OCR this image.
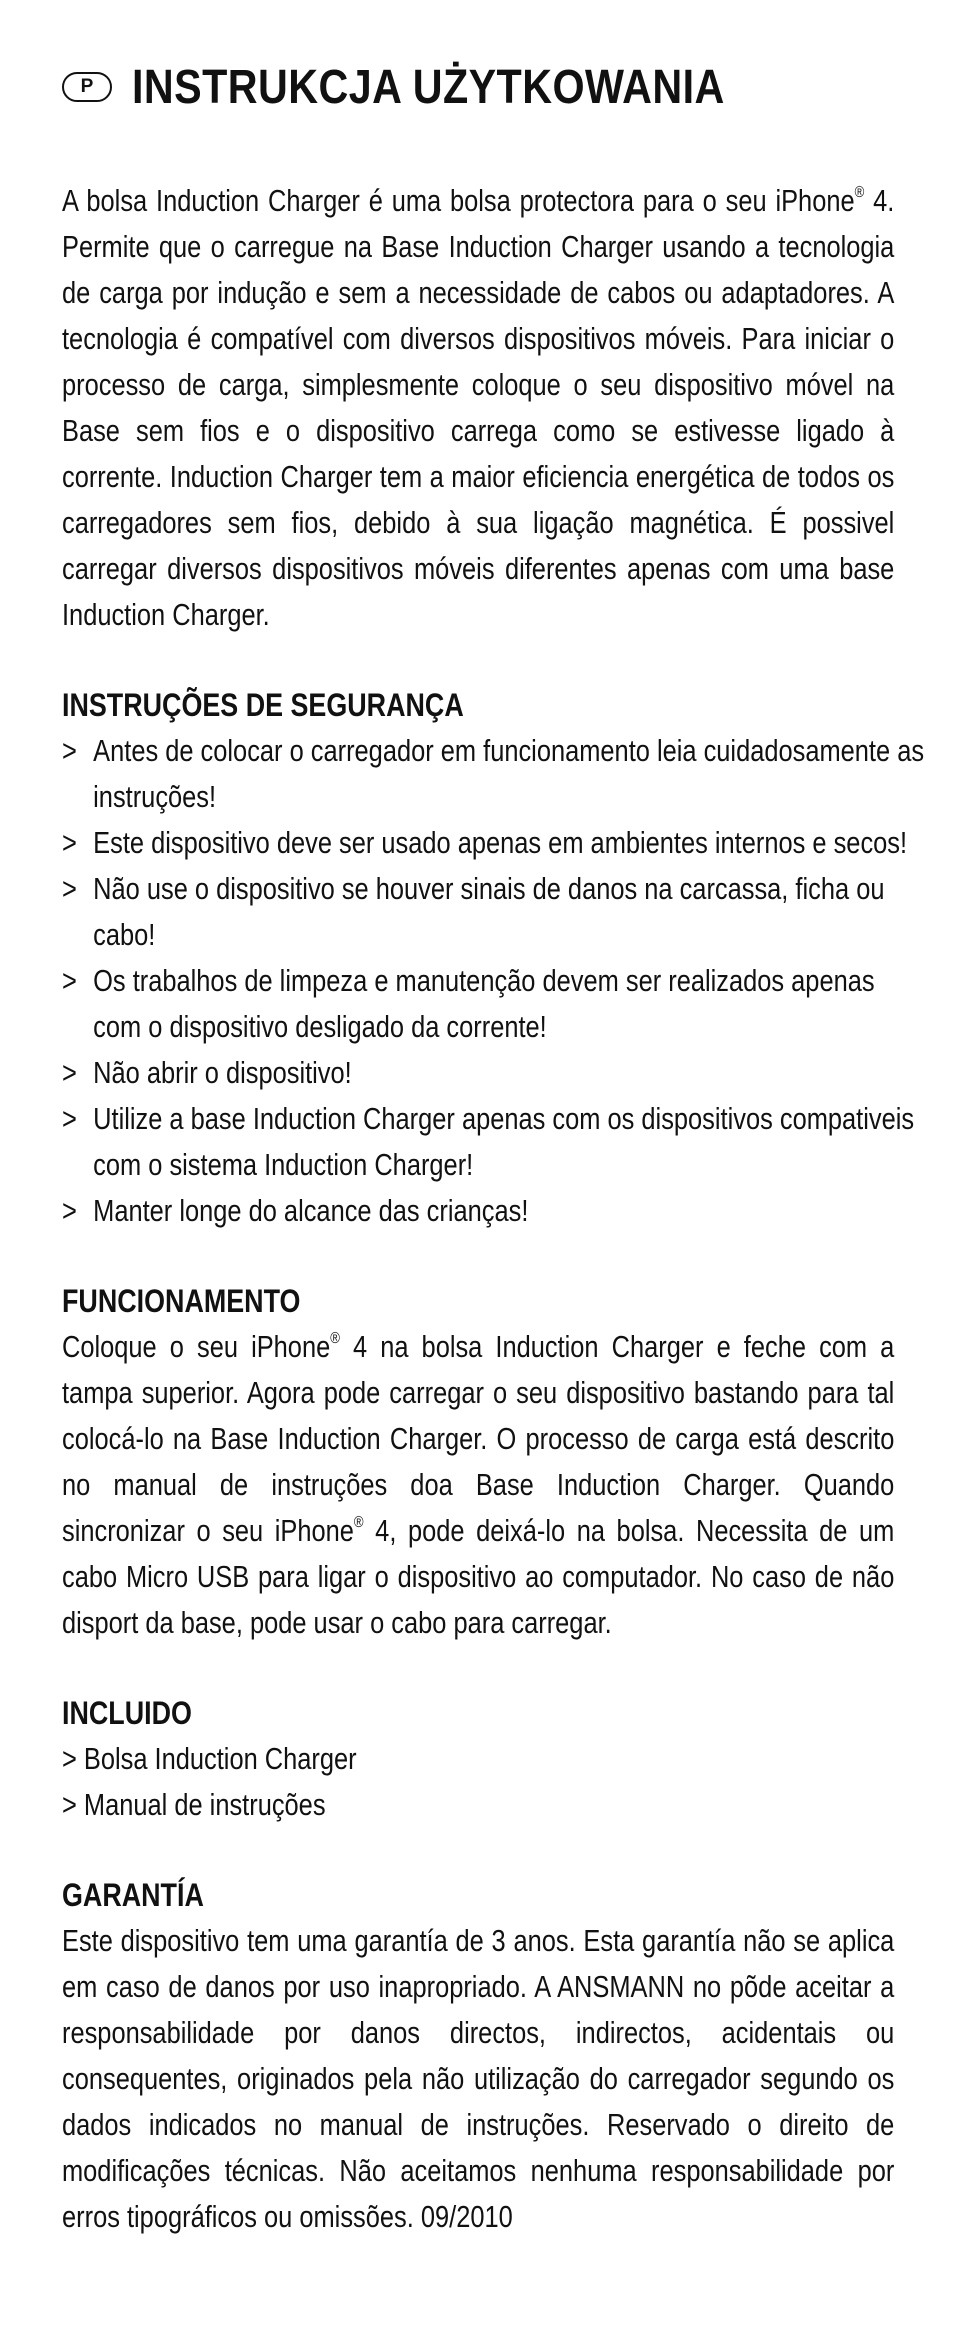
P INSTRUKCJA UŻYTKOWANIA

A bolsa Induction Charger é uma bolsa protectora para o seu iPhone® 4. Permite que o carregue na Base Induction Charger usando a tecnologia de carga por indução e sem a necessidade de cabos ou adaptadores. A tecnologia é compatível com diversos dispositivos móveis. Para iniciar o processo de carga, simplesmente coloque o seu dispositivo móvel na Base sem fios e o dispositivo carrega como se estivesse ligado à corrente. Induction Charger tem a maior eficiencia energética de todos os carregadores sem fios, debido à sua ligação magnética. É possivel carregar diversos dispositivos móveis diferentes apenas com uma base Induction Charger.

INSTRUÇÕES DE SEGURANÇA
> Antes de colocar o carregador em funcionamento leia cuidadosamente as instruções!
> Este dispositivo deve ser usado apenas em ambientes internos e secos!
> Não use o dispositivo se houver sinais de danos na carcassa, ficha ou cabo!
> Os trabalhos de limpeza e manutenção devem ser realizados apenas com o dispositivo desligado da corrente!
> Não abrir o dispositivo!
> Utilize a base Induction Charger apenas com os dispositivos compativeis com o sistema Induction Charger!
> Manter longe do alcance das crianças!
FUNCIONAMENTO

Coloque o seu iPhone® 4 na bolsa Induction Charger e feche com a tampa superior. Agora pode carregar o seu dispositivo bastando para tal colocá-lo na Base Induction Charger. O processo de carga está descrito no manual de instruções doa Base Induction Charger. Quando sincronizar o seu iPhone® 4, pode deixá-lo na bolsa. Necessita de um cabo Micro USB para ligar o dispositivo ao computador. No caso de não disport da base, pode usar o cabo para carregar.

INCLUIDO
> Bolsa Induction Charger
> Manual de instruções
GARANTÍA

Este dispositivo tem uma garantía de 3 anos. Esta garantía não se aplica em caso de danos por uso inapropriado. A ANSMANN no põde aceitar a responsabilidade por danos directos, indirectos, acidentais ou consequentes, originados pela não utilização do carregador segundo os dados indicados no manual de instruções. Reservado o direito de modificações técnicas. Não aceitamos nenhuma responsabilidade por erros tipográficos ou omissões. 09/2010
